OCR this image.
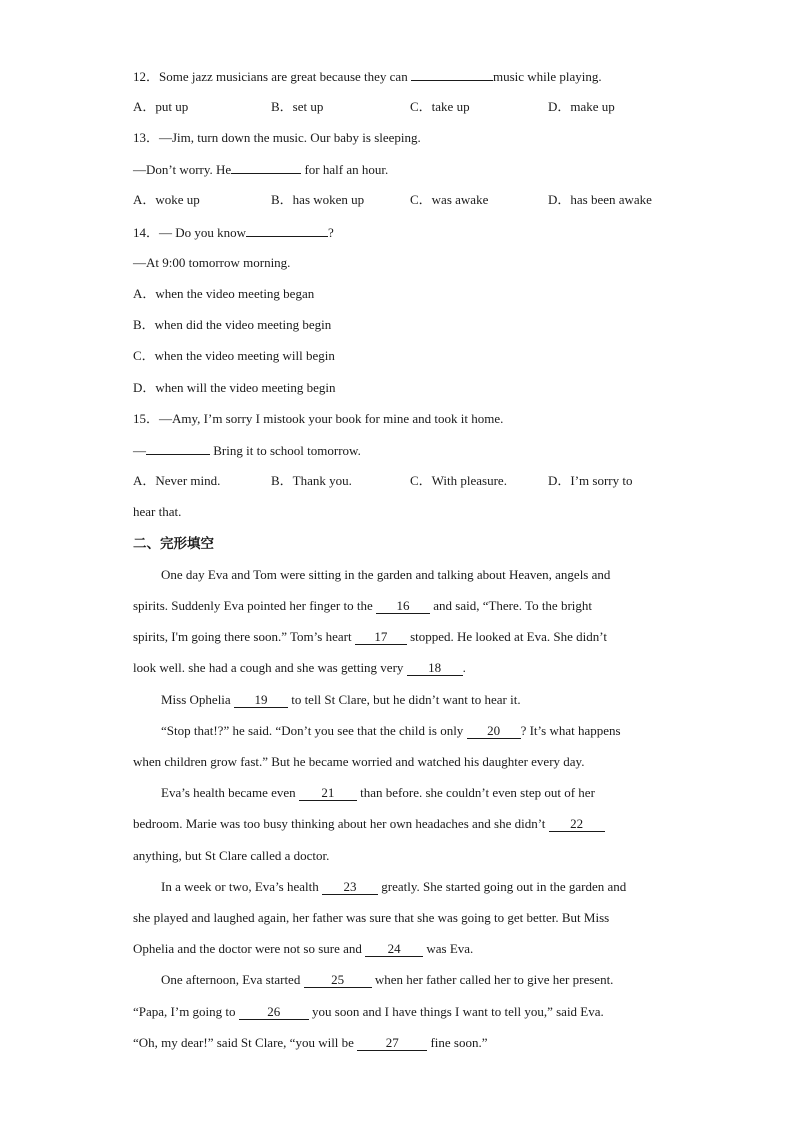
12．Some jazz musicians are great because they can	music while playing.
A．put up	B．set up	C．take up	D．make up
13．—Jim, turn down the music. Our baby is sleeping.
—Don’t worry. He	for half an hour.
A．woke up	B．has woken up	C．was awake	D．has been awake
14．— Do you know	?
—At 9:00 tomorrow morning.
A．when the video meeting began
B．when did the video meeting begin
C．when the video meeting will begin
D．when will the video meeting begin
15．—Amy, I’m sorry I mistook your book for mine and took it home.
—	Bring it to school tomorrow.
A．Never mind.	B．Thank you.	C．With pleasure.	D．I’m sorry to
hear that.
二、完形填空
One day Eva and Tom were sitting in the garden and talking about Heaven, angels and
spirits. Suddenly Eva pointed her finger to the 16 and said, “There. To the bright
spirits, I'm going there soon.” Tom’s heart 17 stopped. He looked at Eva. She didn’t
look well. she had a cough and she was getting very 18 .
Miss Ophelia 19 to tell St Clare, but he didn’t want to hear it.
“Stop that!?” he said. “Don’t you see that the child is only 20 ? It’s what happens
when children grow fast.” But he became worried and watched his daughter every day.
Eva’s health became even 21 than before. she couldn’t even step out of her
bedroom. Marie was too busy thinking about her own headaches and she didn’t 22
anything, but St Clare called a doctor.
In a week or two, Eva’s health 23 greatly. She started going out in the garden and
she played and laughed again, her father was sure that she was going to get better. But Miss
Ophelia and the doctor were not so sure and 24 was Eva.
One afternoon, Eva started 25 when her father called her to give her present.
“Papa, I’m going to 26 you soon and I have things I want to tell you,” said Eva.
“Oh, my dear!” said St Clare, “you will be 27 fine soon.”
